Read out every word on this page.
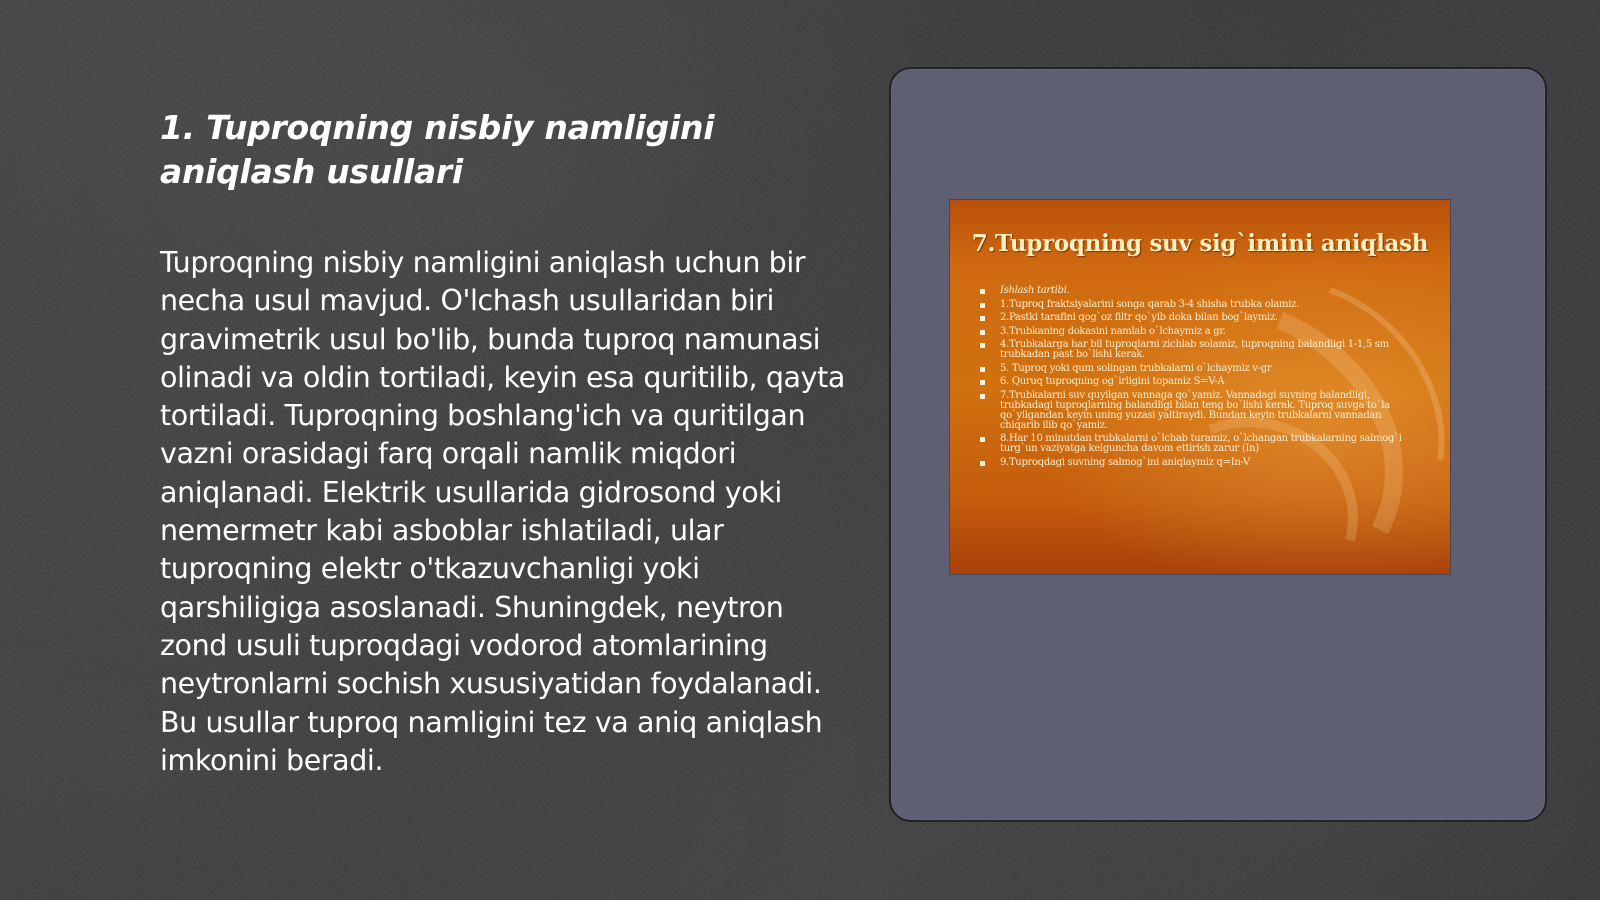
1. Tuproqning nisbiy namligini aniqlash usullari

Tuproqning nisbiy namligini aniqlash uchun bir necha usul mavjud. O'lchash usullaridan biri gravimetrik usul bo'lib, bunda tuproq namunasi olinadi va oldin tortiladi, keyin esa quritilib, qayta tortiladi. Tuproqning boshlang'ich va quritilgan vazni orasidagi farq orqali namlik miqdori aniqlanadi. Elektrik usullarida gidrosond yoki nemermetr kabi asboblar ishlatiladi, ular tuproqning elektr o'tkazuvchanligi yoki qarshiligiga asoslanadi. Shuningdek, neytron zond usuli tuproqdagi vodorod atomlarining neytronlarni sochish xususiyatidan foydalanadi. Bu usullar tuproq namligini tez va aniq aniqlash imkonini beradi.

7.Tuproqning suv sig`imini aniqlash
Ishlash tartibi.
1.Tuproq fraktsiyalarini songa qarab 3-4 shisha trubka olamiz.
2.Pastki tarafini qog`oz filtr qo`yib doka bilan bog`laymiz.
3.Trubkaning dokasini namlab o`lchaymiz a gr.
4.Trubkalarga har bil tuproqlarni zichlab solamiz, tuproqning balandligi 1-1,5 sm trubkadan past bo`lishi kerak.
5. Tuproq yoki qum solingan trubkalarni o`lchaymiz v-gr
6. Quruq tuproqning og`irligini topamiz S=V-A
7.Trubkalarni suv quyilgan vannaga qo`yamiz. Vannadagi suvning balandligi, trubkadagi tuproqlarning balandligi bilan teng bo`lishi kerak. Tuproq suvga to`la qo`yilgandan keyin uning yuzasi yaltiraydi. Bundan keyin trubkalarni vannadan chiqarib ilib qo`yamiz.
8.Har 10 minutdan trubkalarni o`lchab turamiz, o`lchangan trubkalarning salmog`i turg`un vaziyatga kelguncha davom ettirish zarur (In)
9.Tuproqdagi suvning salmog`ini aniqlaymiz q=In-V
